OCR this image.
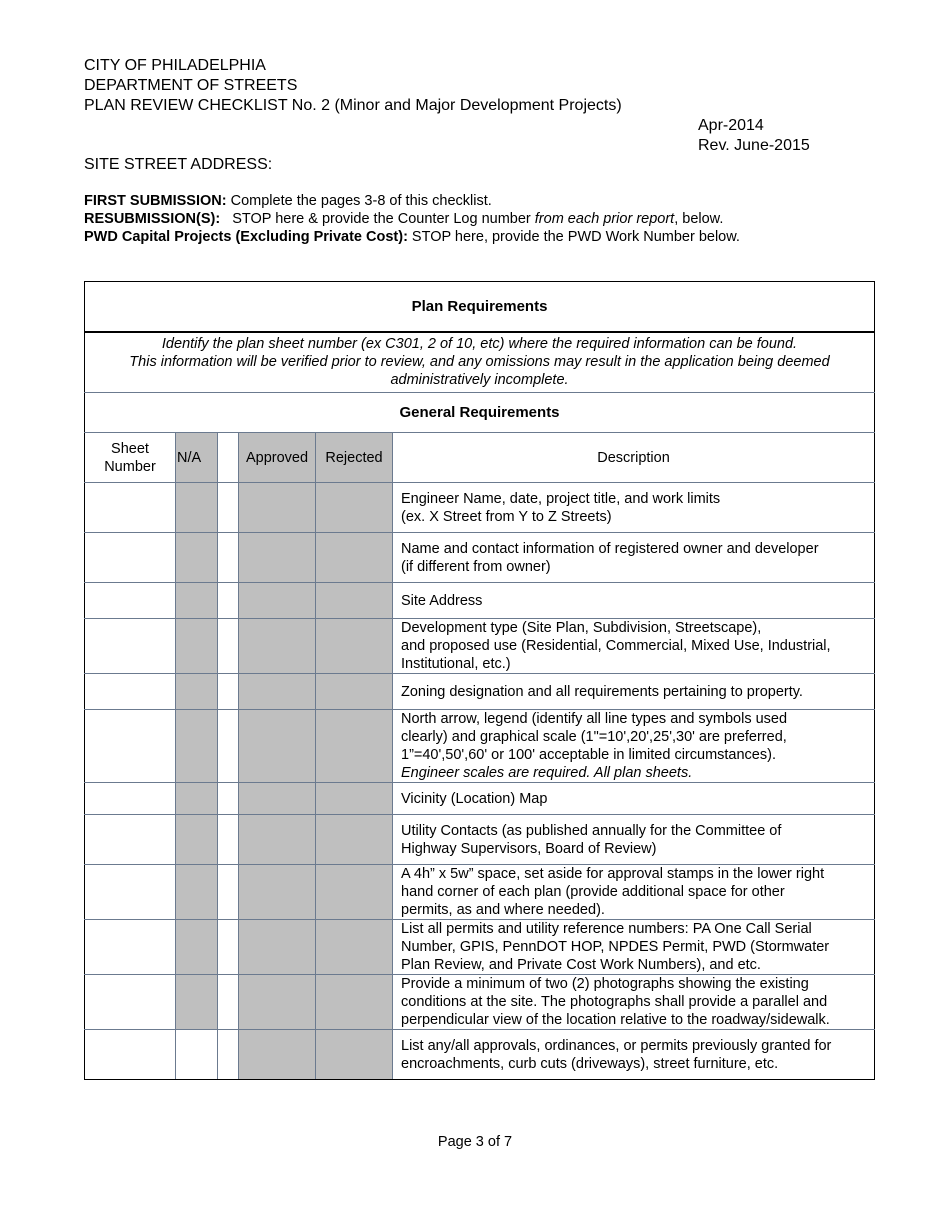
CITY OF PHILADELPHIA
DEPARTMENT OF STREETS
PLAN REVIEW CHECKLIST No. 2 (Minor and Major Development Projects)
Apr-2014
Rev. June-2015
SITE STREET ADDRESS:
FIRST SUBMISSION: Complete the pages 3-8 of this checklist.
RESUBMISSION(S):   STOP here & provide the Counter Log number from each prior report, below.
PWD Capital Projects (Excluding Private Cost): STOP here, provide the PWD Work Number below.
Plan Requirements					

Identify the plan sheet number (ex C301, 2 of 10, etc) where the required information can be found.
This information will be verified prior to review, and any omissions may result in the application being deemed administratively incomplete.					

General Requirements					

Sheet
Number	N/A		Approved	Rejected	Description

					Engineer Name, date, project title, and work limits
(ex. X Street from Y to Z Streets)

					Name and contact information of registered owner and developer
(if different from owner)

					Site Address

					Development type (Site Plan, Subdivision, Streetscape),
and proposed use (Residential, Commercial, Mixed Use, Industrial,
Institutional, etc.)

					Zoning designation and all requirements pertaining to property.

					North arrow, legend (identify all line types and symbols used
clearly) and graphical scale (1"=10',20',25',30' are preferred,
1”=40',50',60' or 100' acceptable in limited circumstances).
Engineer scales are required. All plan sheets.

					Vicinity (Location) Map

					Utility Contacts (as published annually for the Committee of
Highway Supervisors, Board of Review)

					A 4h” x 5w” space, set aside for approval stamps in the lower right
hand corner of each plan (provide additional space for other
permits, as and where needed).

					List all permits and utility reference numbers: PA One Call Serial
Number, GPIS, PennDOT HOP, NPDES Permit, PWD (Stormwater
Plan Review, and Private Cost Work Numbers), and etc.

					Provide a minimum of two (2) photographs showing the existing
conditions at the site. The photographs shall provide a parallel and
perpendicular view of the location relative to the roadway/sidewalk.

					List any/all approvals, ordinances, or permits previously granted for
encroachments, curb cuts (driveways), street furniture, etc.
Page 3 of 7
